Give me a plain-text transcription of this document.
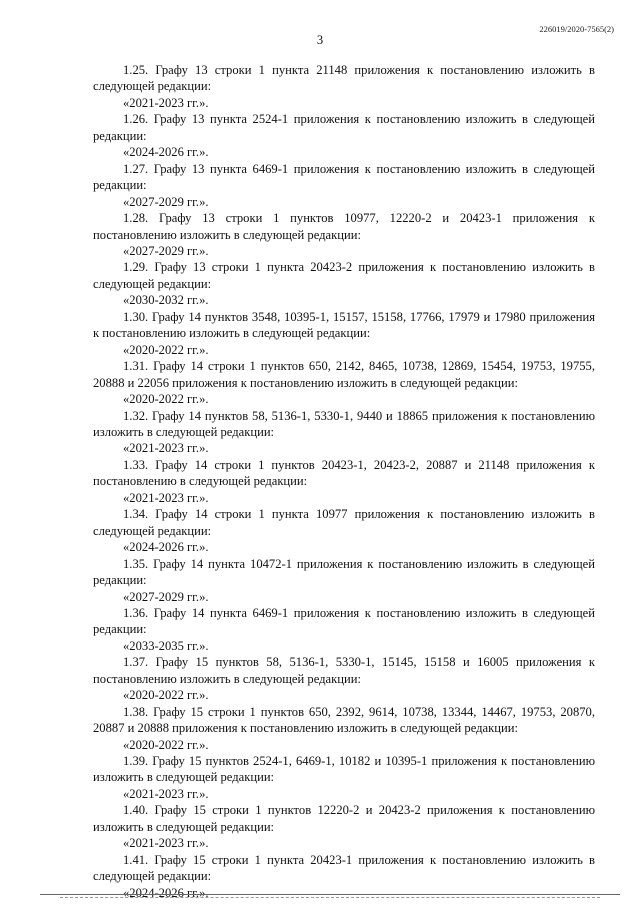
226019/2020-7565(2)
3

1.25. Графу 13 строки 1 пункта 21148 приложения к постановлению изложить в следующей редакции:

«2021-2023 гг.».

1.26. Графу 13 пункта 2524-1 приложения к постановлению изложить в следующей редакции:

«2024-2026 гг.».

1.27. Графу 13 пункта 6469-1 приложения к постановлению изложить в следующей редакции:

«2027-2029 гг.».

1.28. Графу 13 строки 1 пунктов 10977, 12220-2 и 20423-1 приложения к постановлению изложить в следующей редакции:

«2027-2029 гг.».

1.29. Графу 13 строки 1 пункта 20423-2 приложения к постановлению изложить в следующей редакции:

«2030-2032 гг.».

1.30. Графу 14 пунктов 3548, 10395-1, 15157, 15158, 17766, 17979 и 17980 приложения к постановлению изложить в следующей редакции:

«2020-2022 гг.».

1.31. Графу 14 строки 1 пунктов 650, 2142, 8465, 10738, 12869, 15454, 19753, 19755, 20888 и 22056 приложения к постановлению изложить в следующей редакции:

«2020-2022 гг.».

1.32. Графу 14 пунктов 58, 5136-1, 5330-1, 9440 и 18865 приложения к постановлению изложить в следующей редакции:

«2021-2023 гг.».

1.33. Графу 14 строки 1 пунктов 20423-1, 20423-2, 20887 и 21148 приложения к постановлению в следующей редакции:

«2021-2023 гг.».

1.34. Графу 14 строки 1 пункта 10977 приложения к постановлению изложить в следующей редакции:

«2024-2026 гг.».

1.35. Графу 14 пункта 10472-1 приложения к постановлению изложить в следующей редакции:

«2027-2029 гг.».

1.36. Графу 14 пункта 6469-1 приложения к постановлению изложить в следующей редакции:

«2033-2035 гг.».

1.37. Графу 15 пунктов 58, 5136-1, 5330-1, 15145, 15158 и 16005 приложения к постановлению изложить в следующей редакции:

«2020-2022 гг.».

1.38. Графу 15 строки 1 пунктов 650, 2392, 9614, 10738, 13344, 14467, 19753, 20870, 20887 и 20888 приложения к постановлению изложить в следующей редакции:

«2020-2022 гг.».

1.39. Графу 15 пунктов 2524-1, 6469-1, 10182 и 10395-1 приложения к постановлению изложить в следующей редакции:

«2021-2023 гг.».

1.40. Графу 15 строки 1 пунктов 12220-2 и 20423-2 приложения к постановлению изложить в следующей редакции:

«2021-2023 гг.».

1.41. Графу 15 строки 1 пункта 20423-1 приложения к постановлению изложить в следующей редакции:

«2024-2026 гг.».
